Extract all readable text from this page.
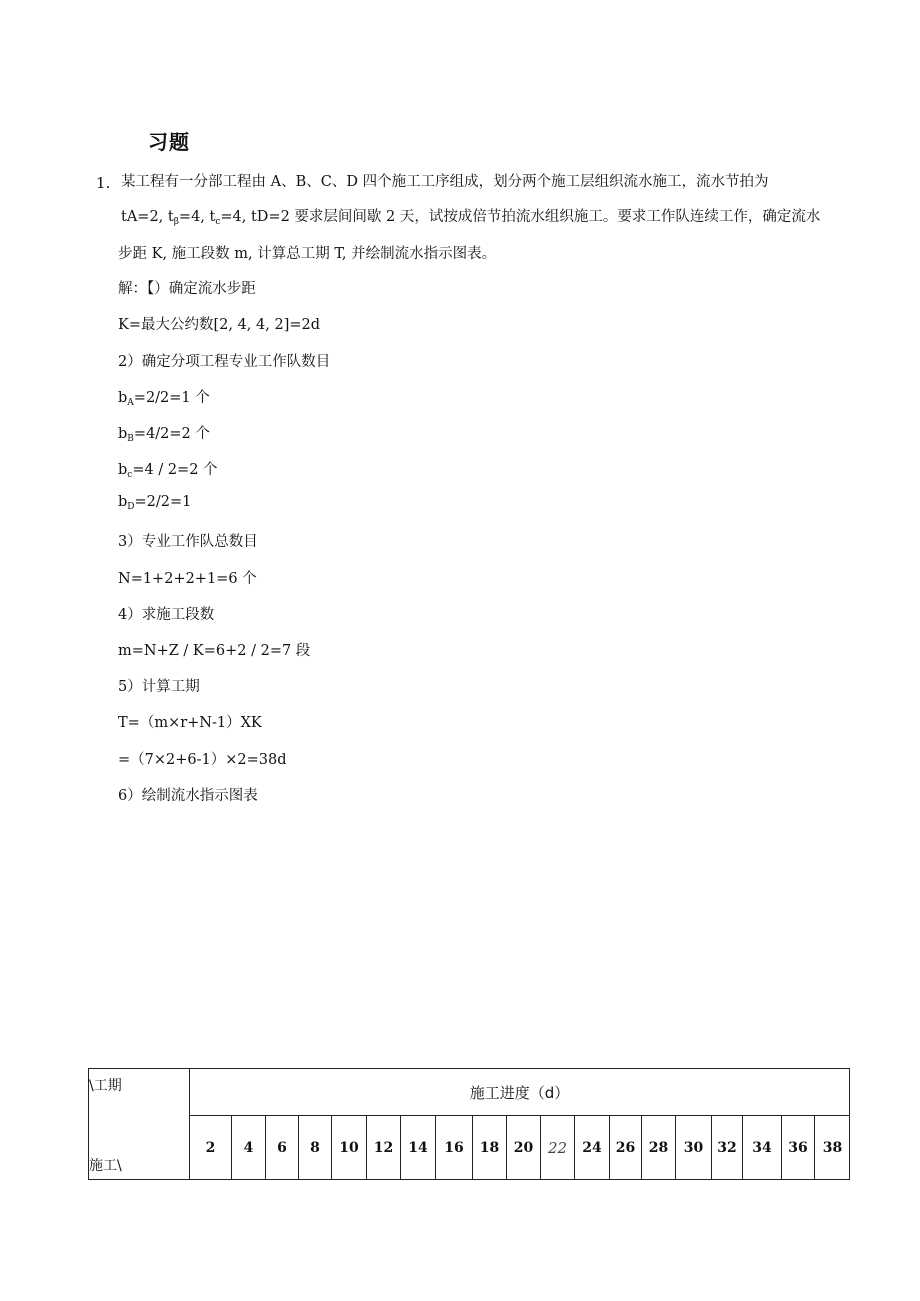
习题
1. 某工程有一分部工程由 A、B、C、D 四个施工工序组成，划分两个施工层组织流水施工，流水节拍为
tA=2, $t_\beta=4$, $t_c=4$, tD=2 要求层间间歇 2 天，试按成倍节拍流水组织施工。要求工作队连续工作，确定流水
步距 K, 施工段数 m, 计算总工期 T, 并绘制流水指示图表。
解：【）确定流水步距
K=最大公约数[2, 4, 4, 2]=2d
2）确定分项工程专业工作队数目
$b_A=2/2=1$ 个
$b_B=4/2=2$ 个
$b_c=4 / 2=2$ 个
$b_D=2/2=1$
3）专业工作队总数目
N=1+2+2+1=6 个
4）求施工段数
m=N+Z / K=6+2 / 2=7 段
5）计算工期
T=（m×r+N-1）XK
=（7×2+6-1）×2=38d
6）绘制流水指示图表
\工期
施工\
施工进度（d）
2	4	6	8	10	12	14	16	18	20 22	24	26 28	30	32	34	36	38
